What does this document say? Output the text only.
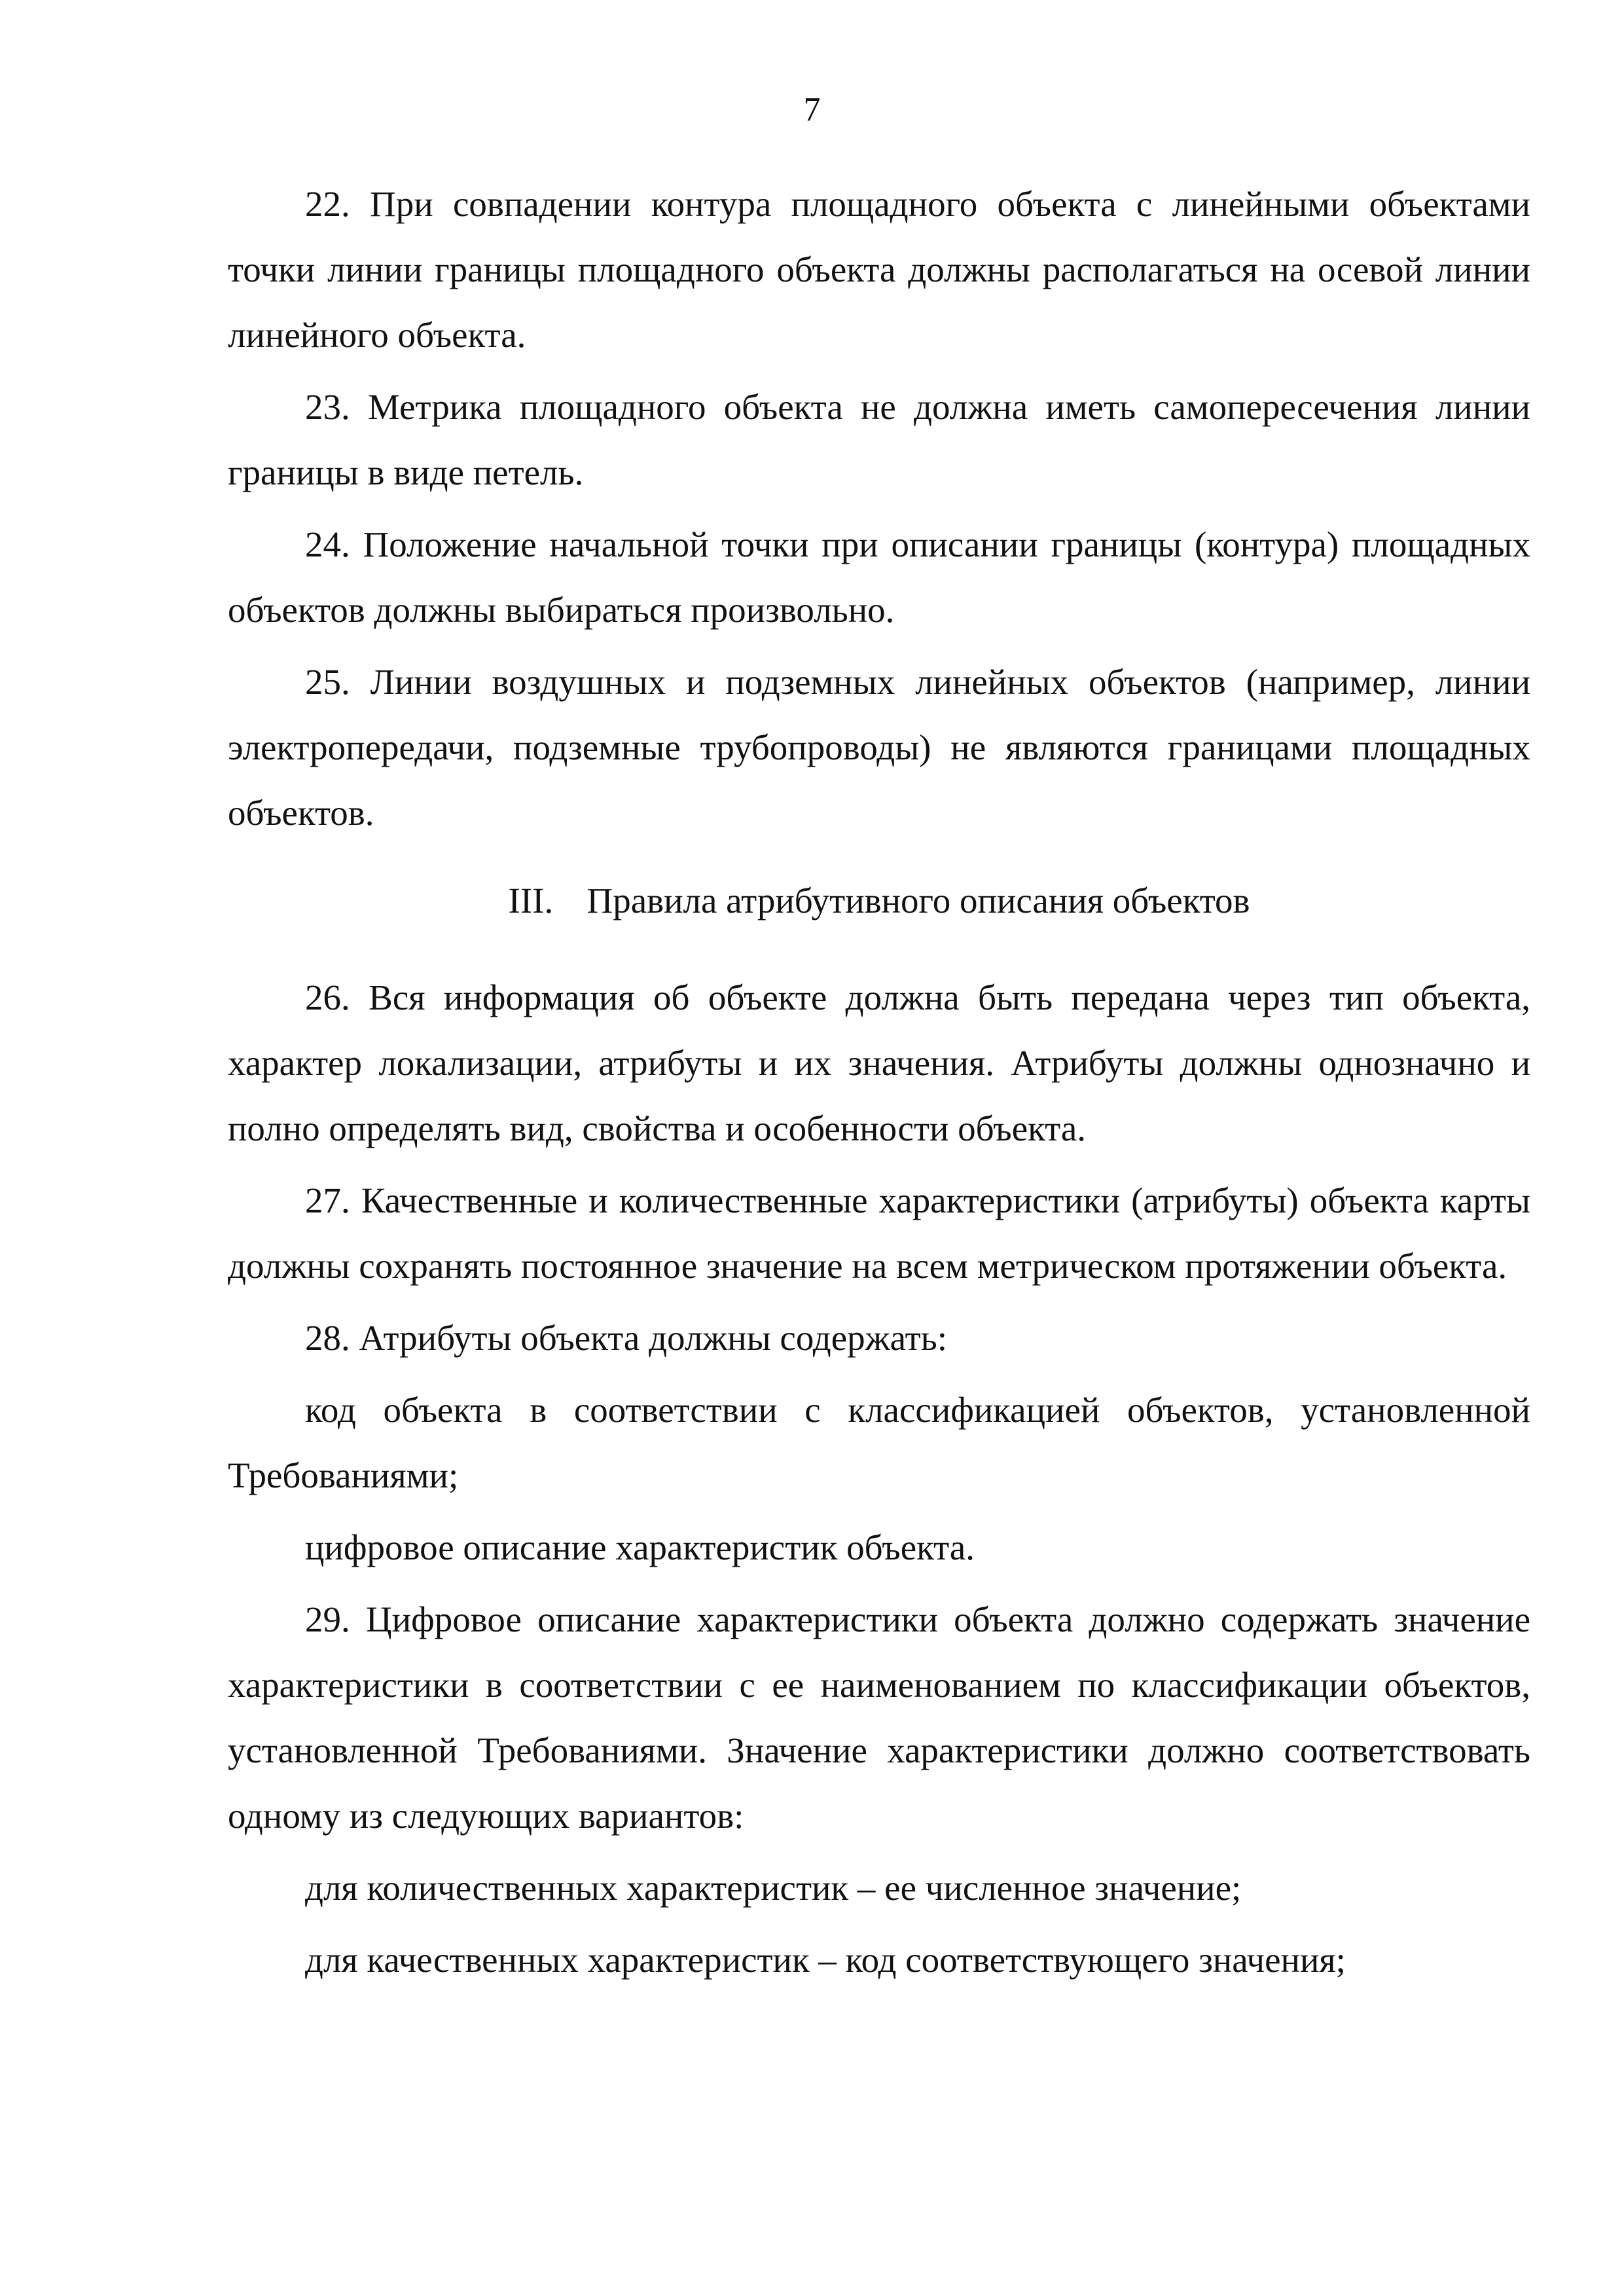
7

22. При совпадении контура площадного объекта с линейными объектами точки линии границы площадного объекта должны располагаться на осевой линии линейного объекта.

23. Метрика площадного объекта не должна иметь самопересечения линии границы в виде петель.

24. Положение начальной точки при описании границы (контура) площадных объектов должны выбираться произвольно.

25. Линии воздушных и подземных линейных объектов (например, линии электропередачи, подземные трубопроводы) не являются границами площадных объектов.

III. Правила атрибутивного описания объектов

26. Вся информация об объекте должна быть передана через тип объекта, характер локализации, атрибуты и их значения. Атрибуты должны однозначно и полно определять вид, свойства и особенности объекта.

27. Качественные и количественные характеристики (атрибуты) объекта карты должны сохранять постоянное значение на всем метрическом протяжении объекта.

28. Атрибуты объекта должны содержать:

код объекта в соответствии с классификацией объектов, установленной Требованиями;

цифровое описание характеристик объекта.

29. Цифровое описание характеристики объекта должно содержать значение характеристики в соответствии с ее наименованием по классификации объектов, установленной Требованиями. Значение характеристики должно соответствовать одному из следующих вариантов:

для количественных характеристик – ее численное значение;

для качественных характеристик – код соответствующего значения;
